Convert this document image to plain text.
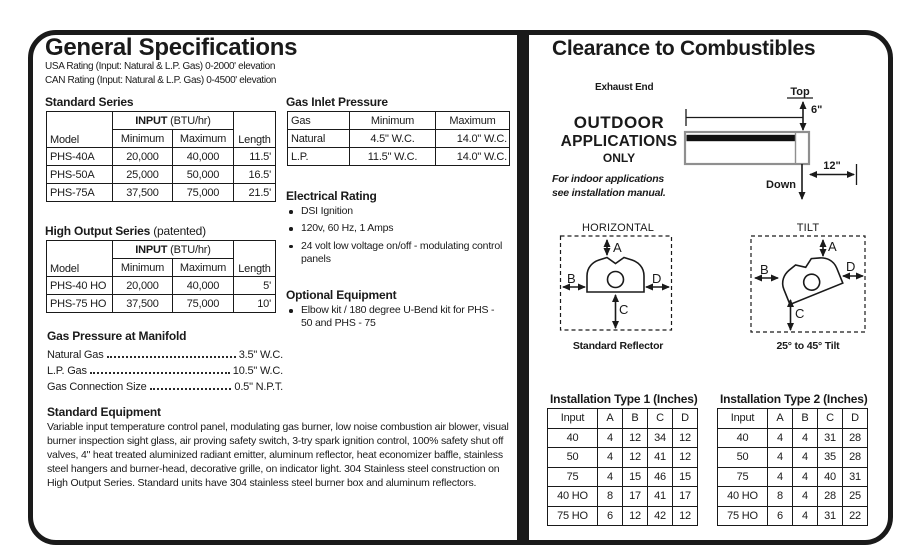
General Specifications
USA Rating (Input: Natural & L.P. Gas) 0-2000' elevation
CAN Rating (Input: Natural & L.P. Gas) 0-4500' elevation
Standard Series
Model	INPUT (BTU/hr)		Length
	Minimum	Maximum	
PHS-40A	20,000	40,000	11.5'
PHS-50A	25,000	50,000	16.5'
PHS-75A	37,500	75,000	21.5'
High Output Series (patented)
Model	INPUT (BTU/hr)		Length
	Minimum	Maximum	
PHS-40 HO	20,000	40,000	5'
PHS-75 HO	37,500	75,000	10'
Gas Pressure at Manifold
Natural Gas	3.5" W.C.
L.P. Gas	10.5" W.C.
Gas Connection Size	0.5" N.P.T.
Standard Equipment
Variable input temperature control panel, modulating gas burner, low noise combustion air blower, visual burner inspection sight glass, air proving safety switch, 3-try spark ignition control, 100% safety shut off valves, 4" heat treated aluminized radiant emitter, aluminum reflector, heat economizer baffle, stainless steel hangers and burner-head, decorative grille, on indicator light. 304 Stainless steel construction on High Output Series. Standard units have 304 stainless steel burner box and aluminum reflectors.
Gas Inlet Pressure
Gas	Minimum	Maximum
Natural	4.5" W.C.	14.0" W.C.
L.P.	11.5" W.C.	14.0" W.C.
Electrical Rating
DSI Ignition
120v, 60 Hz, 1 Amps
24 volt low voltage on/off - modulating control panels
Optional Equipment
Elbow kit / 180 degree U-Bend kit for PHS - 50 and PHS - 75
Clearance to Combustibles
Exhaust End
OUTDOOR
APPLICATIONS
ONLY
For indoor applications
see installation manual.
Top
6"
Down
12"
HORIZONTAL
A
B	D
C
Standard Reflector
TILT
A
B	D
C
25° to 45° Tilt
Installation Type 1 (Inches)
Input	A	B	C	D
40	4	12	34	12
50	4	12	41	12
75	4	15	46	15
40 HO	8	17	41	17
75 HO	6	12	42	12
Installation Type 2 (Inches)
Input	A	B	C	D
40	4	4	31	28
50	4	4	35	28
75	4	4	40	31
40 HO	8	4	28	25
75 HO	6	4	31	22
